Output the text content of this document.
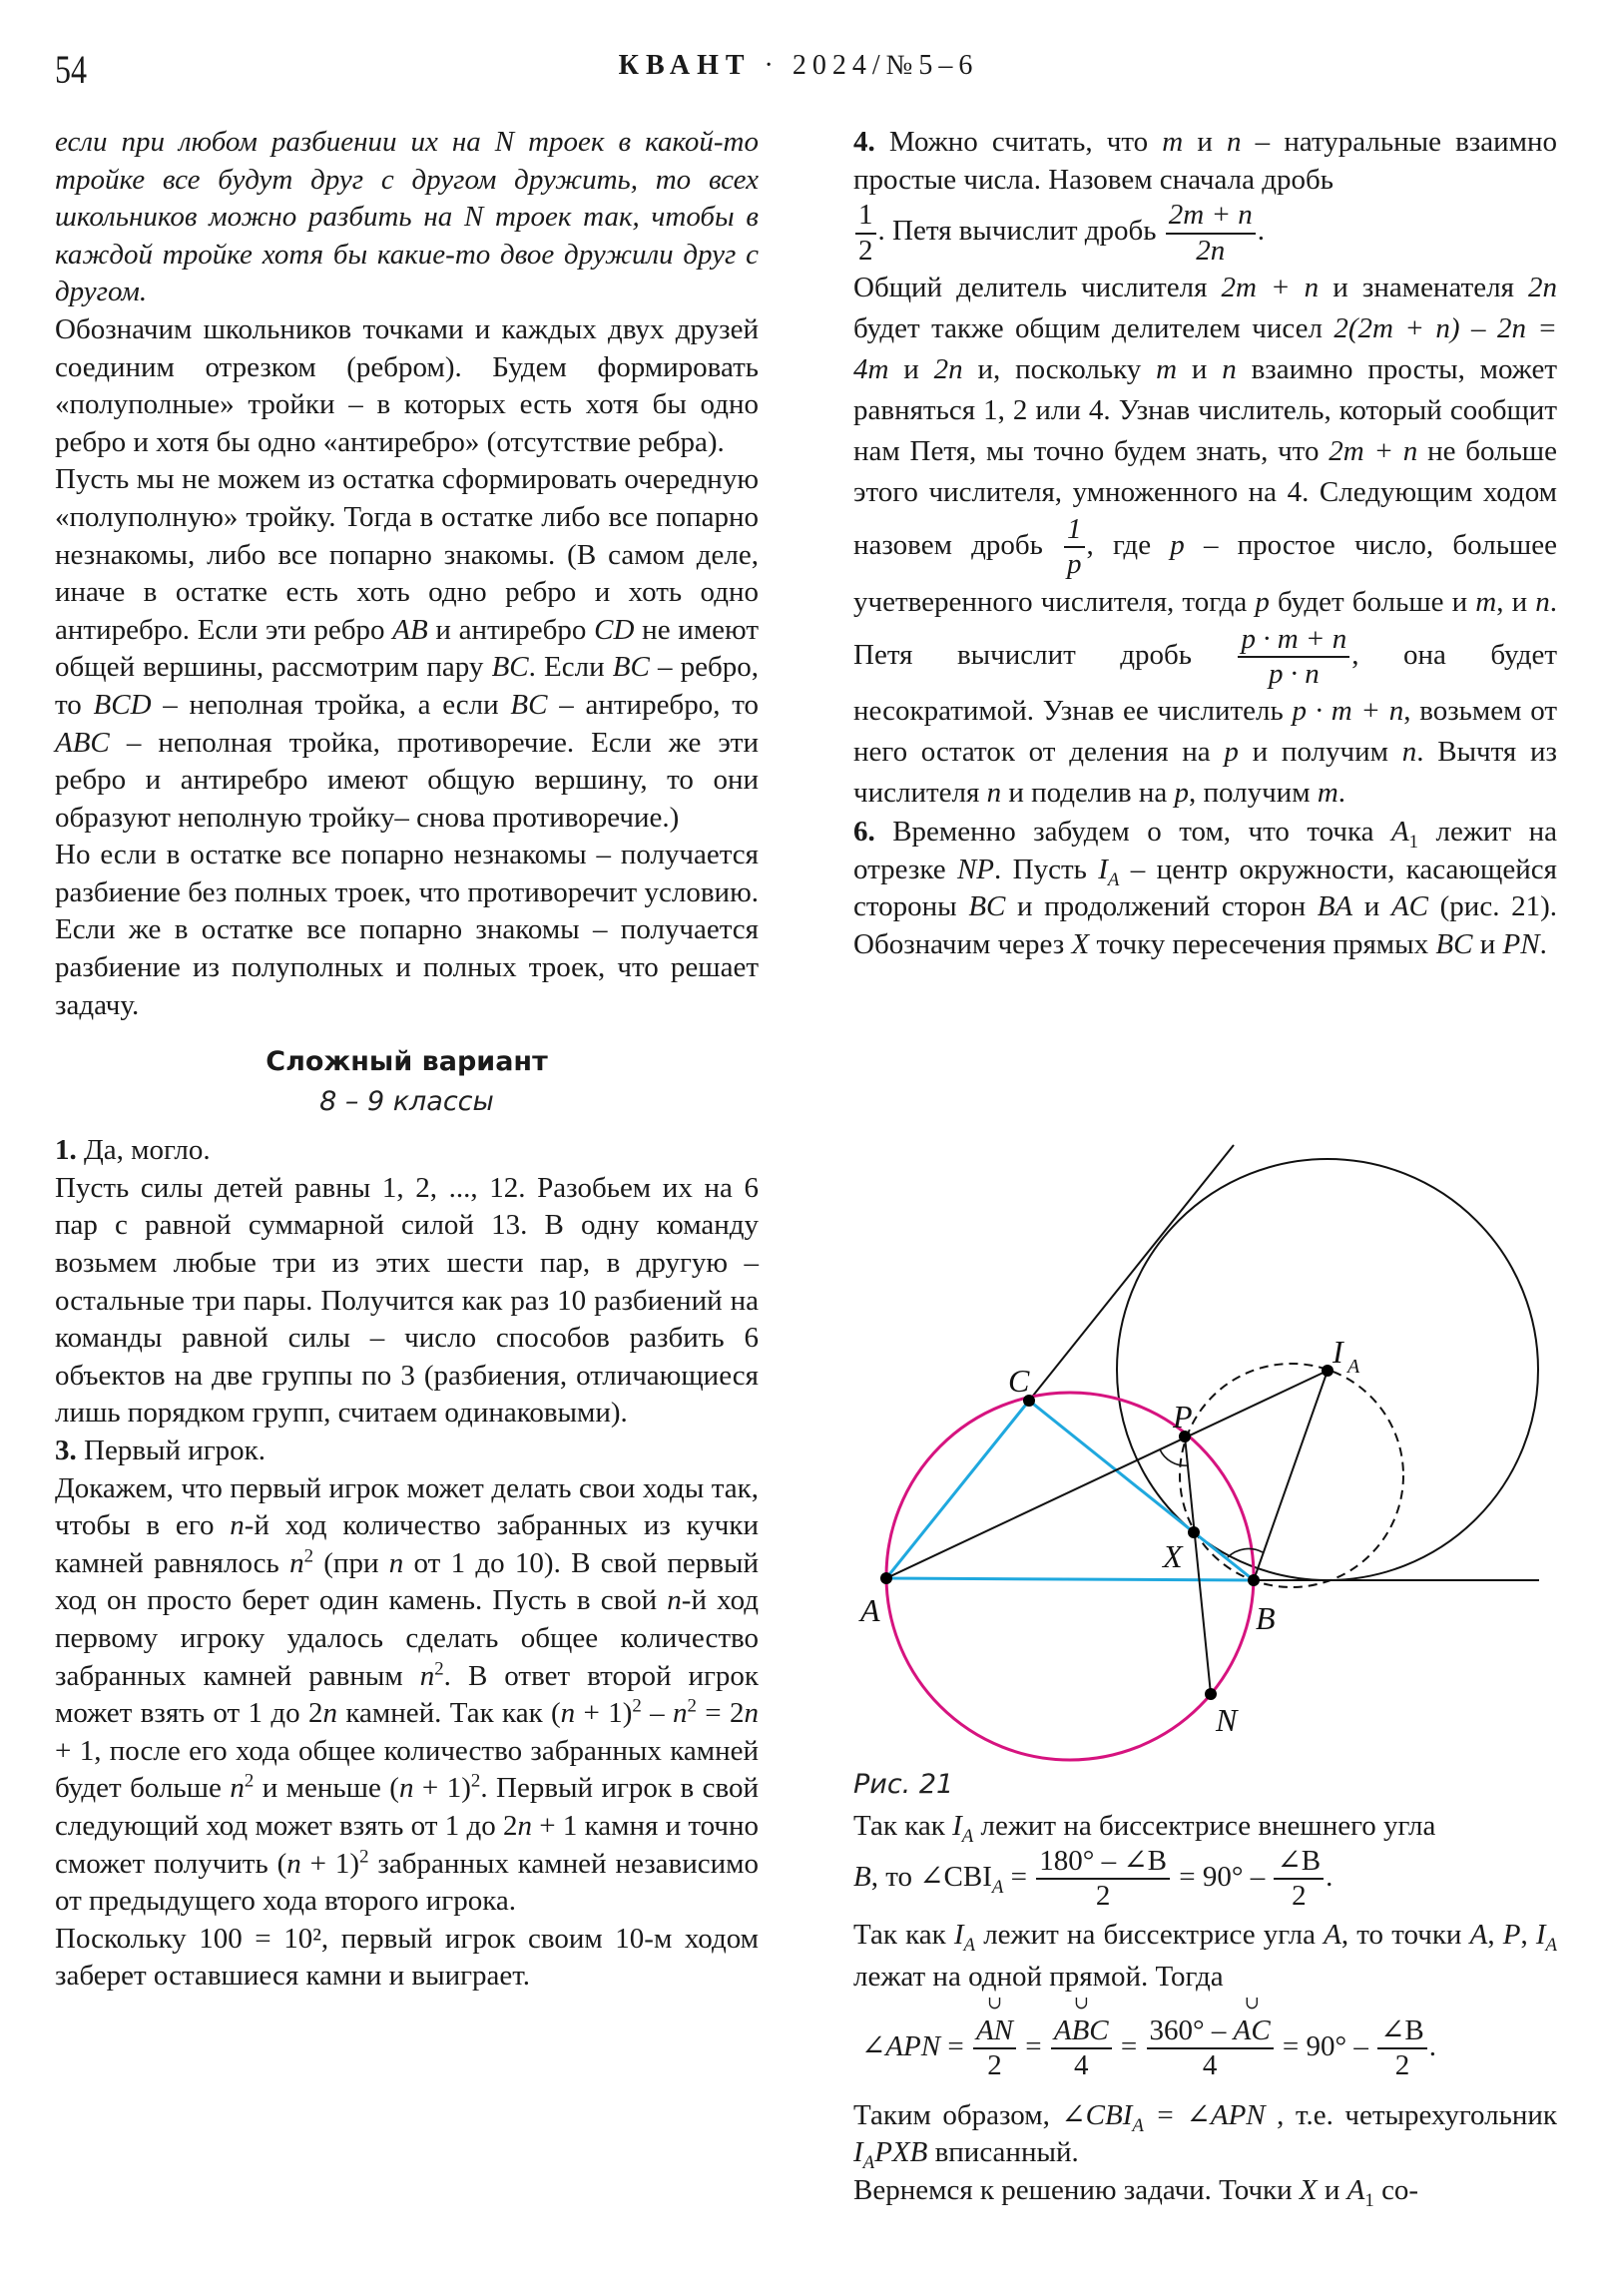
54	КВАНТ · 2024/№5–6

если при любом разбиении их на N троек в какой-то тройке все будут друг с другом дружить, то всех школьников можно разбить на N троек так, чтобы в каждой тройке хотя бы какие-то двое дружили друг с другом.

Обозначим школьников точками и каждых двух друзей соединим отрезком (ребром). Будем формировать «полуполные» тройки – в которых есть хотя бы одно ребро и хотя бы одно «антиребро» (отсутствие ребра).

Пусть мы не можем из остатка сформировать очередную «полуполную» тройку. Тогда в остатке либо все попарно незнакомы, либо все попарно знакомы. (В самом деле, иначе в остатке есть хоть одно ребро и хоть одно антиребро. Если эти ребро AB и антиребро CD не имеют общей вершины, рассмотрим пару BC. Если BC – ребро, то BCD – неполная тройка, а если BC – антиребро, то ABC – неполная тройка, противоречие. Если же эти ребро и антиребро имеют общую вершину, то они образуют неполную тройку– снова противоречие.)

Но если в остатке все попарно незнакомы – получается разбиение без полных троек, что противоречит условию. Если же в остатке все попарно знакомы – получается разбиение из полуполных и полных троек, что решает задачу.

Сложный вариант
8 – 9 классы

1. Да, могло.

Пусть силы детей равны 1, 2, ..., 12. Разобьем их на 6 пар с равной суммарной силой 13. В одну команду возьмем любые три из этих шести пар, в другую – остальные три пары. Получится как раз 10 разбиений на команды равной силы – число способов разбить 6 объектов на две группы по 3 (разбиения, отличающиеся лишь порядком групп, считаем одинаковыми).

3. Первый игрок.

Докажем, что первый игрок может делать свои ходы так, чтобы в его n-й ход количество забранных из кучки камней равнялось $n^2$ (при n от 1 до 10). В свой первый ход он просто берет один камень. Пусть в свой n-й ход первому игроку удалось сделать общее количество забранных камней равным $n^2$. В ответ второй игрок может взять от 1 до 2n камней. Так как $(n + 1)^2 - n^2 = 2n + 1$, после его хода общее количество забранных камней будет больше $n^2$ и меньше $(n + 1)^2$. Первый игрок в свой следующий ход может взять от 1 до 2n + 1 камня и точно сможет получить $(n + 1)^2$ забранных камней независимо от предыдущего хода второго игрока.

Поскольку 100 = 10², первый игрок своим 10-м ходом заберет оставшиеся камни и выиграет.

4. Можно считать, что m и n – натуральные взаимно простые числа. Назовем сначала дробь

$\frac{1}{2}$ . Петя вычислит дробь $\frac{2m + n}{2n}$ .

Общий делитель числителя 2m + n и знаменателя 2n будет также общим делителем чисел 2(2m + n) – 2n = 4m и 2n и, поскольку m и n взаимно просты, может равняться 1, 2 или 4. Узнав числитель, который сообщит нам Петя, мы точно будем знать, что 2m + n не больше этого числителя, умноженного на 4. Следующим ходом назовем дробь $\frac{1}{p}$ , где p – простое число, большее учетверенного числителя, тогда p будет больше и m, и n. Петя вычислит дробь $\frac{p \cdot m + n}{p \cdot n}$ , она будет несократимой. Узнав ее числитель p · m + n, возьмем от него остаток от деления на p и получим n. Вычтя из числителя n и поделив на p, получим m.

6. Временно забудем о том, что точка $A_1$ лежит на отрезке NP. Пусть $I_A$ – центр окружности, касающейся стороны BC и продолжений сторон BA и AC (рис. 21). Обозначим через X точку пересечения прямых BC и PN.

A	B
C
P
X
N
I A
Рис. 21

Так как $I_A$ лежит на биссектрисе внешнего угла

B, то $\angle CBI_A = \frac{180^\circ - \angle B}{2} = 90^\circ - \frac{\angle B}{2}$ .

Так как $I_A$ лежит на биссектрисе угла A, то точки A, P, $I_A$ лежат на одной прямой. Тогда

∠APN = ∪ $\frac{AN}{2}$ = ∪ $\frac{\text{ABC}}{4} = \frac{360^\circ - \cup AC}{4} = 90^\circ - \frac{\angle B}{2}$ .

Таким образом, $\angle CBI_A$ = ∠APN , т.е. четырехугольник $I_APXB$ вписанный.

Вернемся к решению задачи. Точки X и $A_1$ со-
